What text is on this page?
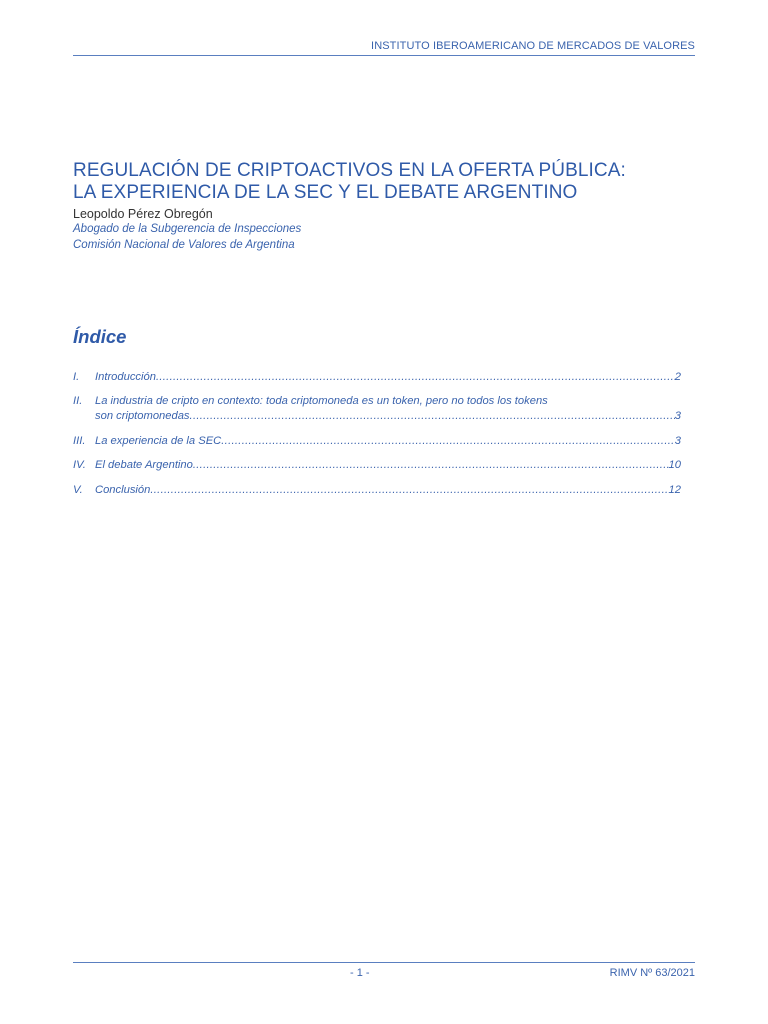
INSTITUTO IBEROAMERICANO DE MERCADOS DE VALORES
REGULACIÓN DE CRIPTOACTIVOS EN LA OFERTA PÚBLICA:
LA EXPERIENCIA DE LA SEC Y EL DEBATE ARGENTINO
Leopoldo Pérez Obregón
Abogado de la Subgerencia de Inspecciones
Comisión Nacional de Valores de Argentina
Índice
I.	Introducción .....	2
II.	La industria de cripto en contexto: toda criptomoneda es un token, pero no todos los tokens
son criptomonedas .....	3
III. La experiencia de la SEC .....	3
IV. El debate Argentino .....	10
V.	Conclusión .....	12
- 1 -	RIMV Nº 63/2021
